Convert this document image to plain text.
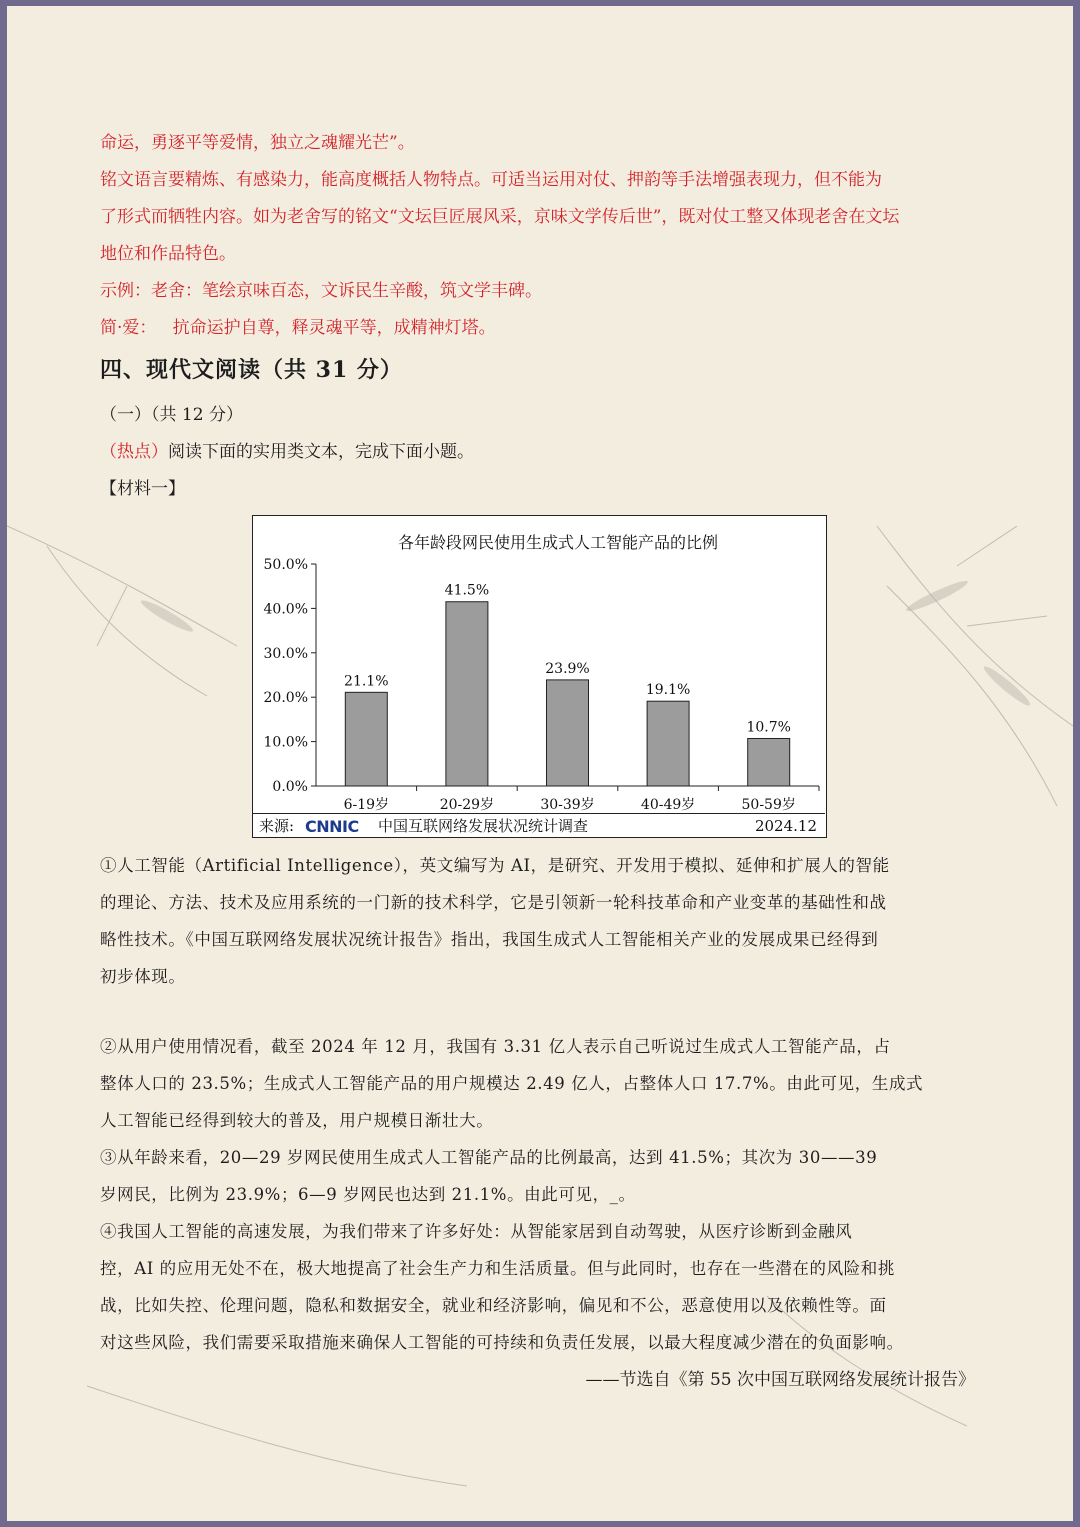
命运，勇逐平等爱情，独立之魂耀光芒”。
铭文语言要精炼、有感染力，能高度概括人物特点。可适当运用对仗、押韵等手法增强表现力，但不能为
了形式而牺牲内容。如为老舍写的铭文“文坛巨匠展风采，京味文学传后世”，既对仗工整又体现老舍在文坛
地位和作品特色。
示例：老舍：笔绘京味百态，文诉民生辛酸，筑文学丰碑。
简·爱：   抗命运护自尊，释灵魂平等，成精神灯塔。
四、现代文阅读（共 31 分）
（一）（共 12 分）
（热点）阅读下面的实用类文本，完成下面小题。
【材料一】
各年龄段网民使用生成式人工智能产品的比例
0.0%
10.0%
20.0%
30.0%
40.0%
50.0%
21.1%
6-19岁
41.5%
20-29岁
23.9%
30-39岁
19.1%
40-49岁
10.7%
50-59岁
来源: CNNIC 中国互联网络发展状况统计调查	2024.12
①人工智能（Artificial Intelligence），英文编写为 AI，是研究、开发用于模拟、延伸和扩展人的智能
的理论、方法、技术及应用系统的一门新的技术科学，它是引领新一轮科技革命和产业变革的基础性和战
略性技术。《中国互联网络发展状况统计报告》指出，我国生成式人工智能相关产业的发展成果已经得到
初步体现。
②从用户使用情况看，截至 2024 年 12 月，我国有 3.31 亿人表示自己听说过生成式人工智能产品，占
整体人口的 23.5%；生成式人工智能产品的用户规模达 2.49 亿人，占整体人口 17.7%。由此可见，生成式
人工智能已经得到较大的普及，用户规模日渐壮大。
③从年龄来看，20—29 岁网民使用生成式人工智能产品的比例最高，达到 41.5%；其次为 30——39
岁网民，比例为 23.9%；6—9 岁网民也达到 21.1%。由此可见，_。
④我国人工智能的高速发展，为我们带来了许多好处：从智能家居到自动驾驶，从医疗诊断到金融风
控，AI 的应用无处不在，极大地提高了社会生产力和生活质量。但与此同时，也存在一些潜在的风险和挑
战，比如失控、伦理问题，隐私和数据安全，就业和经济影响，偏见和不公，恶意使用以及依赖性等。面
对这些风险，我们需要采取措施来确保人工智能的可持续和负责任发展，以最大程度减少潜在的负面影响。
——节选自《第 55 次中国互联网络发展统计报告》
